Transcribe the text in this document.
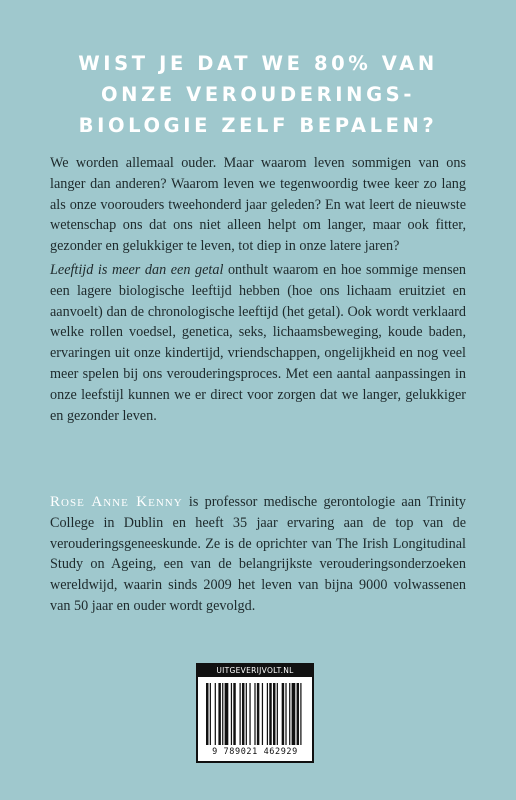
WIST JE DAT WE 80% VAN
ONZE VEROUDERINGS-
BIOLOGIE ZELF BEPALEN?

We worden allemaal ouder. Maar waarom leven sommigen van ons langer dan anderen? Waarom leven we tegenwoordig twee keer zo lang als onze voorouders tweehonderd jaar geleden? En wat leert de nieuwste wetenschap ons dat ons niet alleen helpt om langer, maar ook fitter, gezonder en gelukkiger te leven, tot diep in onze latere jaren?

Leeftijd is meer dan een getal onthult waarom en hoe sommige mensen een lagere biologische leeftijd hebben (hoe ons lichaam eruitziet en aanvoelt) dan de chronologische leeftijd (het getal). Ook wordt verklaard welke rollen voedsel, genetica, seks, lichaamsbeweging, koude baden, ervaringen uit onze kindertijd, vriendschappen, ongelijkheid en nog veel meer spelen bij ons verouderingsproces. Met een aantal aanpassingen in onze leefstijl kunnen we er direct voor zorgen dat we langer, gelukkiger en gezonder leven.

Rose Anne Kenny is professor medische gerontologie aan Trinity College in Dublin en heeft 35 jaar ervaring aan de top van de verouderingsgeneeskunde. Ze is de oprichter van The Irish Longitudinal Study on Ageing, een van de belangrijkste verouderingsonderzoeken wereldwijd, waarin sinds 2009 het leven van bijna 9000 volwassenen van 50 jaar en ouder wordt gevolgd.

UITGEVERIJVOLT.NL
9 789021 462929
